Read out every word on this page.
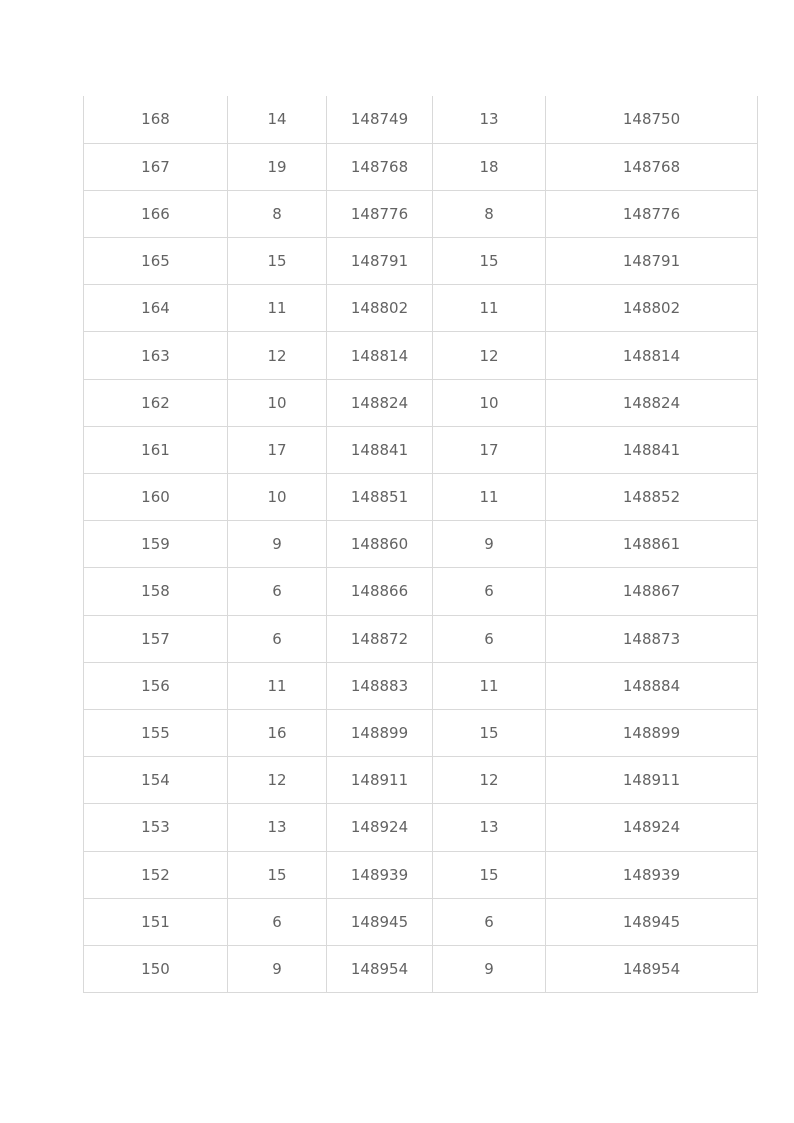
168	14	148749	13	148750
167	19	148768	18	148768
166	8	148776	8	148776
165	15	148791	15	148791
164	11	148802	11	148802
163	12	148814	12	148814
162	10	148824	10	148824
161	17	148841	17	148841
160	10	148851	11	148852
159	9	148860	9	148861
158	6	148866	6	148867
157	6	148872	6	148873
156	11	148883	11	148884
155	16	148899	15	148899
154	12	148911	12	148911
153	13	148924	13	148924
152	15	148939	15	148939
151	6	148945	6	148945
150	9	148954	9	148954
